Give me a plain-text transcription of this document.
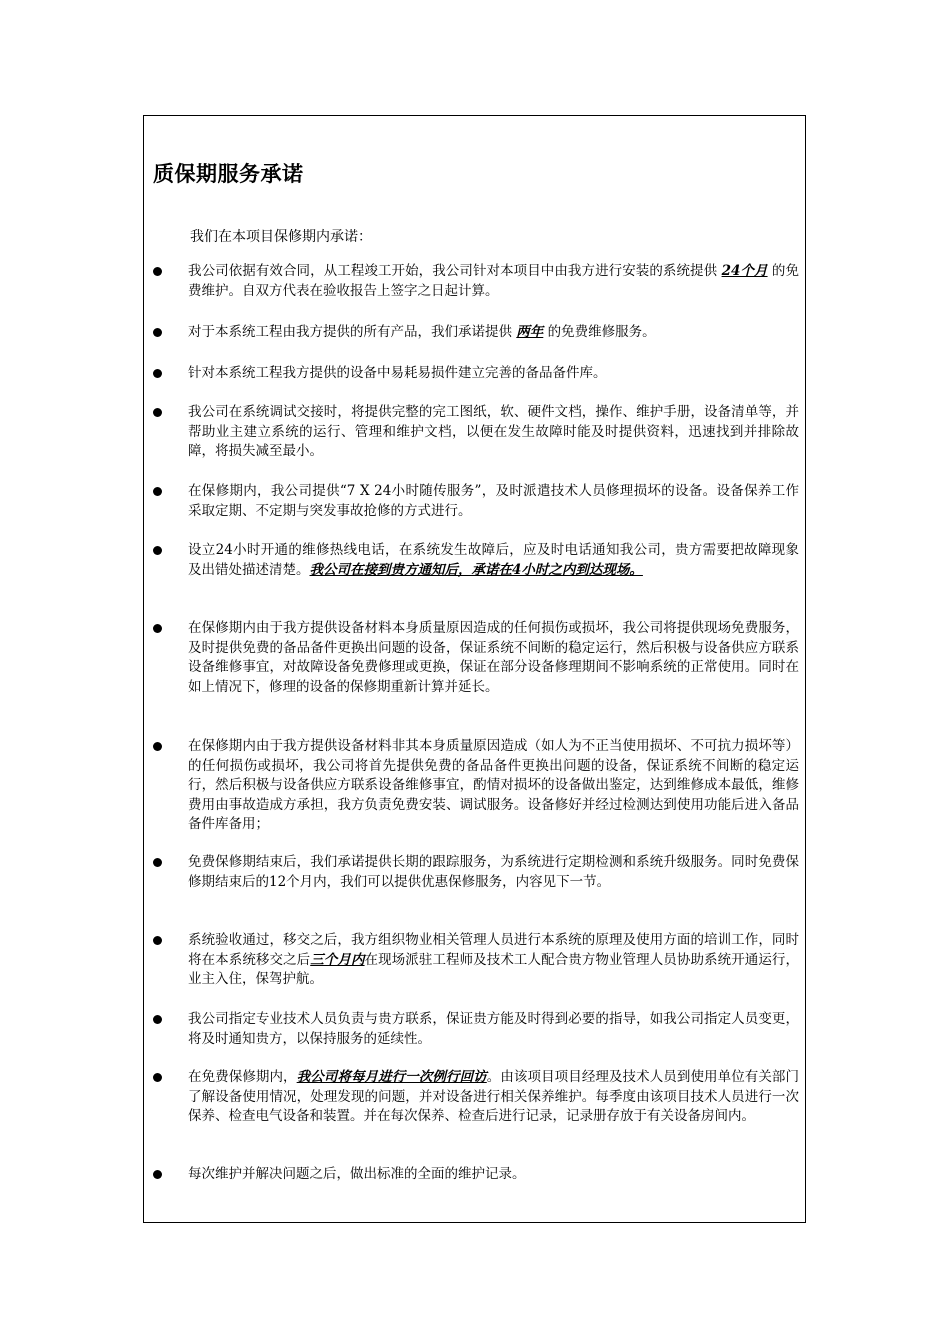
质保期服务承诺

我们在本项目保修期内承诺：

我公司依据有效合同，从工程竣工开始，我公司针对本项目中由我方进行安装的系统提供 24个月 的免费维护。自双方代表在验收报告上签字之日起计算。
对于本系统工程由我方提供的所有产品，我们承诺提供 两年 的免费维修服务。
针对本系统工程我方提供的设备中易耗易损件建立完善的备品备件库。
我公司在系统调试交接时，将提供完整的完工图纸，软、硬件文档，操作、维护手册，设备清单等，并帮助业主建立系统的运行、管理和维护文档，以便在发生故障时能及时提供资料，迅速找到并排除故障，将损失减至最小。
在保修期内，我公司提供“7 X 24小时随传服务”，及时派遣技术人员修理损坏的设备。设备保养工作采取定期、不定期与突发事故抢修的方式进行。
设立24小时开通的维修热线电话，在系统发生故障后，应及时电话通知我公司，贵方需要把故障现象及出错处描述清楚。我公司在接到贵方通知后，承诺在4小时之内到达现场。
在保修期内由于我方提供设备材料本身质量原因造成的任何损伤或损坏，我公司将提供现场免费服务，及时提供免费的备品备件更换出问题的设备，保证系统不间断的稳定运行，然后积极与设备供应方联系设备维修事宜，对故障设备免费修理或更换，保证在部分设备修理期间不影响系统的正常使用。同时在如上情况下，修理的设备的保修期重新计算并延长。
在保修期内由于我方提供设备材料非其本身质量原因造成（如人为不正当使用损坏、不可抗力损坏等）的任何损伤或损坏，我公司将首先提供免费的备品备件更换出问题的设备，保证系统不间断的稳定运行，然后积极与设备供应方联系设备维修事宜，酌情对损坏的设备做出鉴定，达到维修成本最低，维修费用由事故造成方承担，我方负责免费安装、调试服务。设备修好并经过检测达到使用功能后进入备品备件库备用；
免费保修期结束后，我们承诺提供长期的跟踪服务，为系统进行定期检测和系统升级服务。同时免费保修期结束后的12个月内，我们可以提供优惠保修服务，内容见下一节。
系统验收通过，移交之后，我方组织物业相关管理人员进行本系统的原理及使用方面的培训工作，同时将在本系统移交之后三个月内在现场派驻工程师及技术工人配合贵方物业管理人员协助系统开通运行，业主入住，保驾护航。
我公司指定专业技术人员负责与贵方联系，保证贵方能及时得到必要的指导，如我公司指定人员变更，将及时通知贵方，以保持服务的延续性。
在免费保修期内，我公司将每月进行一次例行回访。由该项目项目经理及技术人员到使用单位有关部门了解设备使用情况，处理发现的问题，并对设备进行相关保养维护。每季度由该项目技术人员进行一次保养、检查电气设备和装置。并在每次保养、检查后进行记录，记录册存放于有关设备房间内。
每次维护并解决问题之后，做出标准的全面的维护记录。
